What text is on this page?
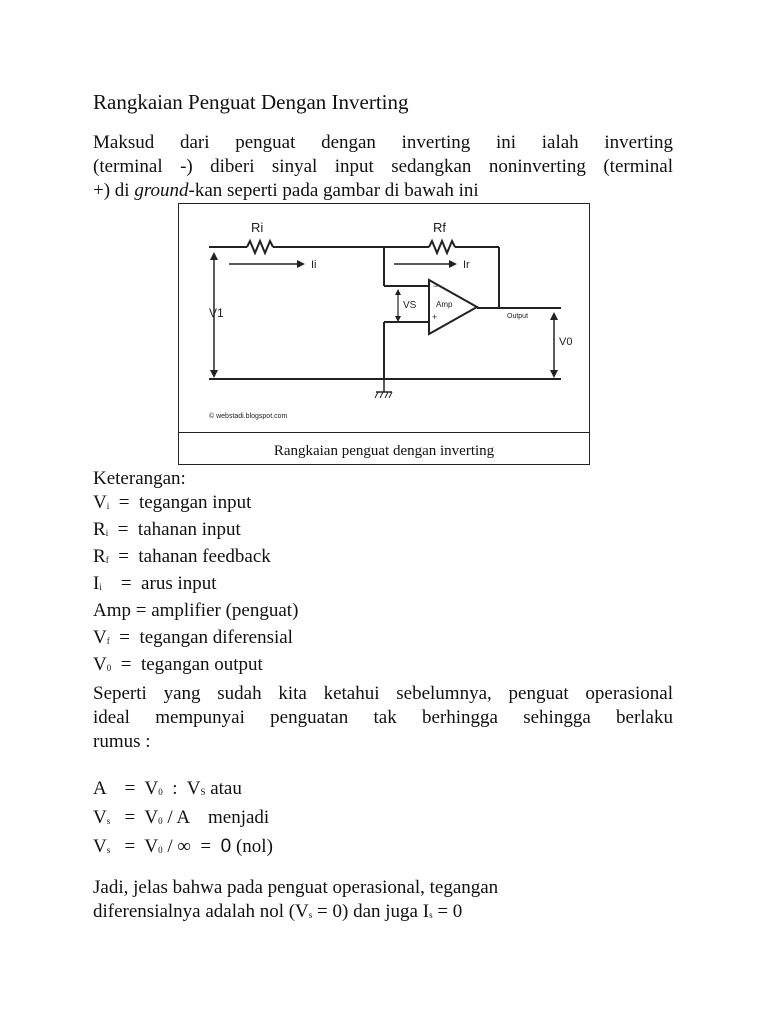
Rangkaian Penguat Dengan Inverting
Maksud dari penguat dengan inverting ini ialah inverting
(terminal -) diberi sinyal input sedangkan noninverting (terminal
+) di ground-kan seperti pada gambar di bawah ini
Ri	Rf
Ii	Ir
V1
VS
−
Amp
+	Output
V0
© webstadi.blogspot.com
Rangkaian penguat dengan inverting
Keterangan:
Vi  =  tegangan input
Ri  =  tahanan input
Rf  =  tahanan feedback
Ii    =  arus input
Amp = amplifier (penguat)
Vf  =  tegangan diferensial
V0  =  tegangan output
Seperti yang sudah kita ketahui sebelumnya, penguat operasional
ideal mempunyai penguatan tak berhingga sehingga berlaku
rumus :
A    =  V0  :  VS atau
Vs   =  V0 / A    menjadi
Vs   =  V0 / ∞  =  0 (nol)
Jadi, jelas bahwa pada penguat operasional, tegangan
diferensialnya adalah nol (Vs = 0) dan juga Is = 0
